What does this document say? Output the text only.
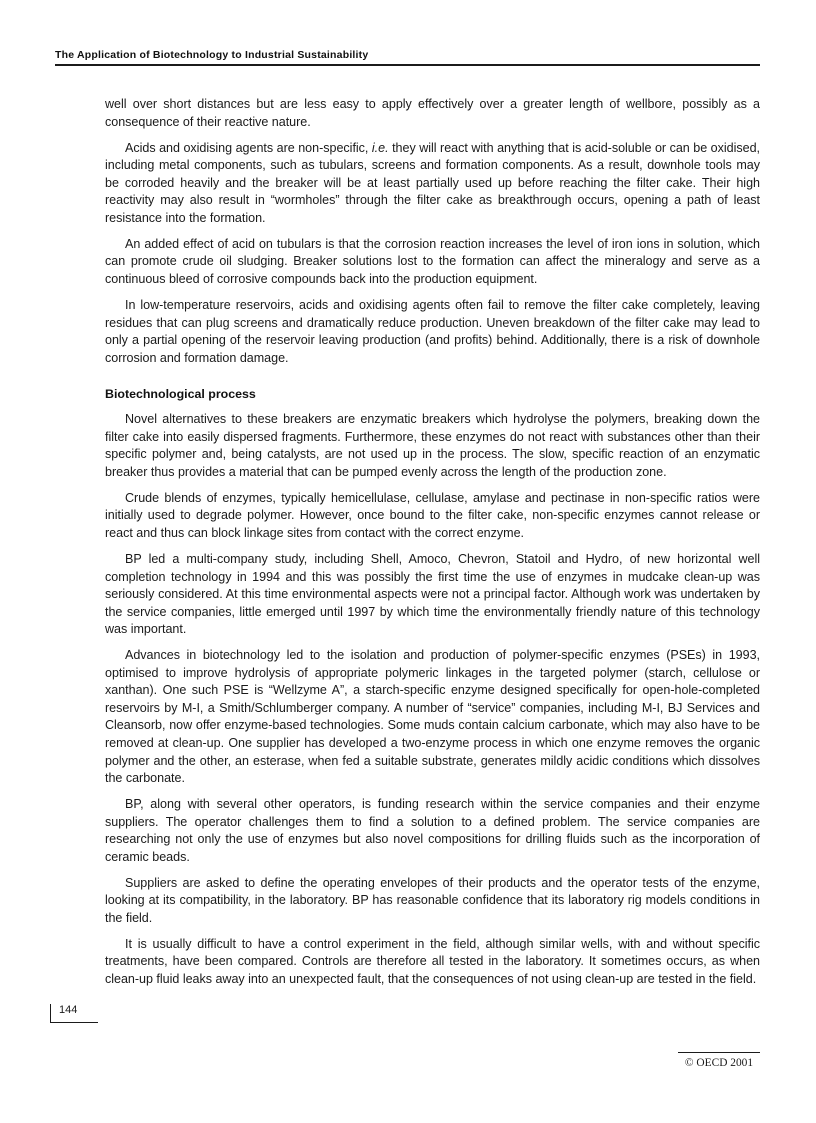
The Application of Biotechnology to Industrial Sustainability

well over short distances but are less easy to apply effectively over a greater length of wellbore, possibly as a consequence of their reactive nature.

Acids and oxidising agents are non-specific, i.e. they will react with anything that is acid-soluble or can be oxidised, including metal components, such as tubulars, screens and formation components. As a result, downhole tools may be corroded heavily and the breaker will be at least partially used up before reaching the filter cake. Their high reactivity may also result in “wormholes” through the filter cake as breakthrough occurs, opening a path of least resistance into the formation.

An added effect of acid on tubulars is that the corrosion reaction increases the level of iron ions in solution, which can promote crude oil sludging. Breaker solutions lost to the formation can affect the mineralogy and serve as a continuous bleed of corrosive compounds back into the production equipment.

In low-temperature reservoirs, acids and oxidising agents often fail to remove the filter cake completely, leaving residues that can plug screens and dramatically reduce production. Uneven breakdown of the filter cake may lead to only a partial opening of the reservoir leaving production (and profits) behind. Additionally, there is a risk of downhole corrosion and formation damage.

Biotechnological process

Novel alternatives to these breakers are enzymatic breakers which hydrolyse the polymers, breaking down the filter cake into easily dispersed fragments. Furthermore, these enzymes do not react with substances other than their specific polymer and, being catalysts, are not used up in the process. The slow, specific reaction of an enzymatic breaker thus provides a material that can be pumped evenly across the length of the production zone.

Crude blends of enzymes, typically hemicellulase, cellulase, amylase and pectinase in non-specific ratios were initially used to degrade polymer. However, once bound to the filter cake, non-specific enzymes cannot release or react and thus can block linkage sites from contact with the correct enzyme.

BP led a multi-company study, including Shell, Amoco, Chevron, Statoil and Hydro, of new horizontal well completion technology in 1994 and this was possibly the first time the use of enzymes in mudcake clean-up was seriously considered. At this time environmental aspects were not a principal factor. Although work was undertaken by the service companies, little emerged until 1997 by which time the environmentally friendly nature of this technology was important.

Advances in biotechnology led to the isolation and production of polymer-specific enzymes (PSEs) in 1993, optimised to improve hydrolysis of appropriate polymeric linkages in the targeted polymer (starch, cellulose or xanthan). One such PSE is “Wellzyme A”, a starch-specific enzyme designed specifically for open-hole-completed reservoirs by M-I, a Smith/Schlumberger company. A number of “service” companies, including M-I, BJ Services and Cleansorb, now offer enzyme-based technologies. Some muds contain calcium carbonate, which may also have to be removed at clean-up. One supplier has developed a two-enzyme process in which one enzyme removes the organic polymer and the other, an esterase, when fed a suitable substrate, generates mildly acidic conditions which dissolves the carbonate.

BP, along with several other operators, is funding research within the service companies and their enzyme suppliers. The operator challenges them to find a solution to a defined problem. The service companies are researching not only the use of enzymes but also novel compositions for drilling fluids such as the incorporation of ceramic beads.

Suppliers are asked to define the operating envelopes of their products and the operator tests of the enzyme, looking at its compatibility, in the laboratory. BP has reasonable confidence that its laboratory rig models conditions in the field.

It is usually difficult to have a control experiment in the field, although similar wells, with and without specific treatments, have been compared. Controls are therefore all tested in the laboratory. It sometimes occurs, as when clean-up fluid leaks away into an unexpected fault, that the consequences of not using clean-up are tested in the field.

144
© OECD 2001
